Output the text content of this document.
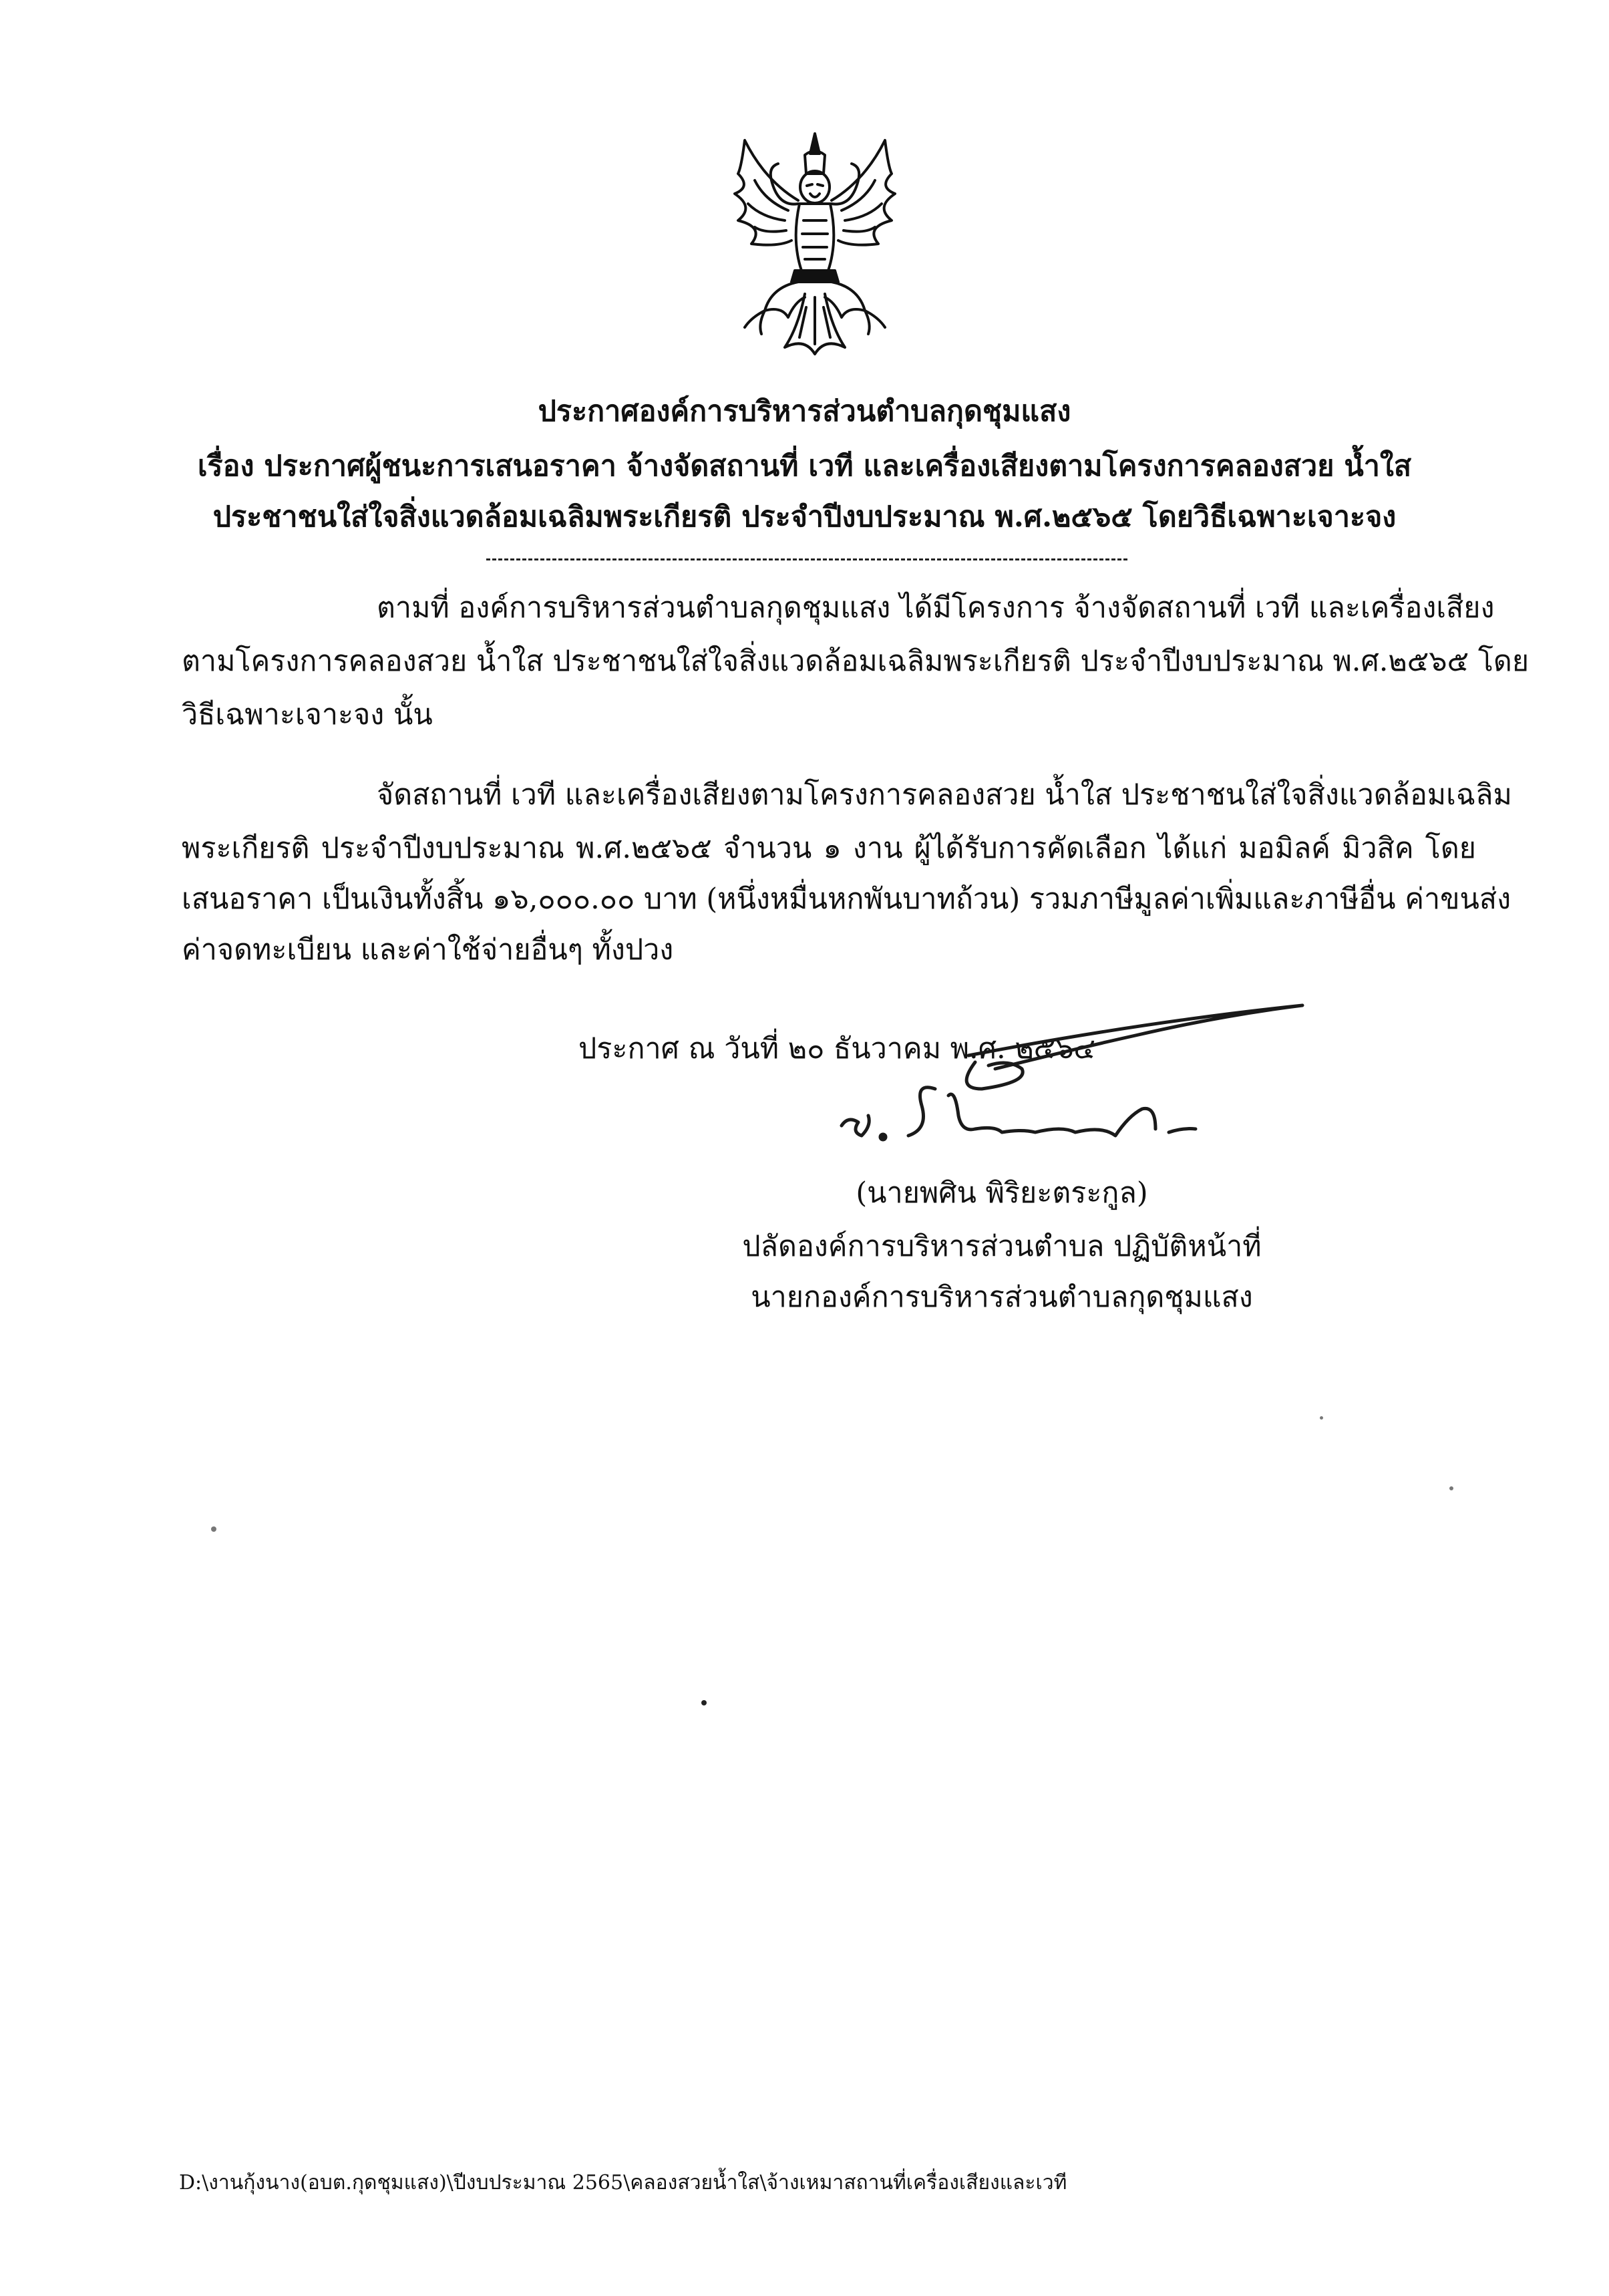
ประกาศองค์การบริหารส่วนตำบลกุดชุมแสง
เรื่อง ประกาศผู้ชนะการเสนอราคา จ้างจัดสถานที่ เวที และเครื่องเสียงตามโครงการคลองสวย น้ำใส
ประชาชนใส่ใจสิ่งแวดล้อมเฉลิมพระเกียรติ ประจำปีงบประมาณ พ.ศ.๒๕๖๕ โดยวิธีเฉพาะเจาะจง
ตามที่ องค์การบริหารส่วนตำบลกุดชุมแสง ได้มีโครงการ จ้างจัดสถานที่ เวที และเครื่องเสียง
ตามโครงการคลองสวย น้ำใส ประชาชนใส่ใจสิ่งแวดล้อมเฉลิมพระเกียรติ ประจำปีงบประมาณ พ.ศ.๒๕๖๕ โดย
วิธีเฉพาะเจาะจง นั้น
จัดสถานที่ เวที และเครื่องเสียงตามโครงการคลองสวย น้ำใส ประชาชนใส่ใจสิ่งแวดล้อมเฉลิม
พระเกียรติ ประจำปีงบประมาณ พ.ศ.๒๕๖๕ จำนวน ๑ งาน ผู้ได้รับการคัดเลือก ได้แก่ มอมิลค์ มิวสิค โดย
เสนอราคา เป็นเงินทั้งสิ้น ๑๖,๐๐๐.๐๐ บาท (หนึ่งหมื่นหกพันบาทถ้วน) รวมภาษีมูลค่าเพิ่มและภาษีอื่น ค่าขนส่ง
ค่าจดทะเบียน และค่าใช้จ่ายอื่นๆ ทั้งปวง
ประกาศ ณ วันที่ ๒๐ ธันวาคม พ.ศ. ๒๕๖๔
(นายพศิน พิริยะตระกูล)
ปลัดองค์การบริหารส่วนตำบล ปฏิบัติหน้าที่
นายกองค์การบริหารส่วนตำบลกุดชุมแสง
D:\งานกุ้งนาง(อบต.กุดชุมแสง)\ปีงบประมาณ 2565\คลองสวยน้ำใส\จ้างเหมาสถานที่เครื่องเสียงและเวที
